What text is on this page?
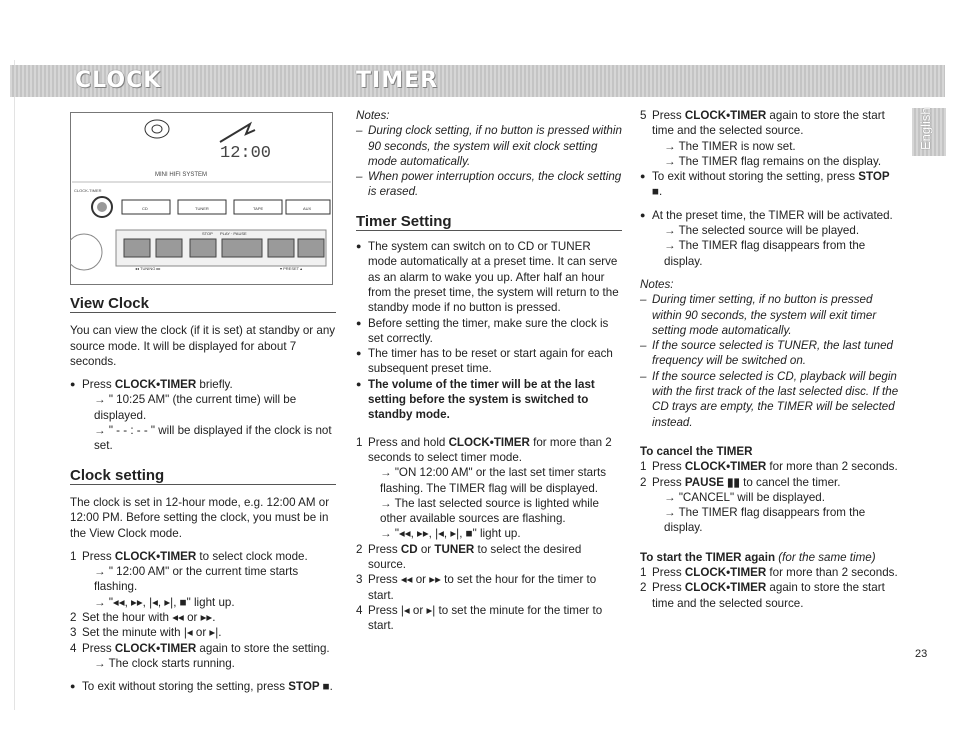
CLOCK	TIMER
English
12:00
MINI HIFI SYSTEM
CLOCK-TIMER
CD	TUNER	TAPE	AUX
STOP PLAY · PAUSE
◂◂ TUNING ▸▸	▾ PRESET ▴

View Clock

You can view the clock (if it is set) at standby or any source mode. It will be displayed for about 7 seconds.

● Press CLOCK•TIMER briefly.

→ " 10:25 AM" (the current time) will be displayed.

→ " - - : - - " will be displayed if the clock is not set.

Clock setting

The clock is set in 12-hour mode, e.g. 12:00 AM or 12:00 PM. Before setting the clock, you must be in the View Clock mode.

1 Press CLOCK•TIMER to select clock mode.

→ " 12:00 AM" or the current time starts flashing.

→ "◂◂, ▸▸, |◂, ▸|, ■" light up.

2 Set the hour with ◂◂ or ▸▸.
3 Set the minute with |◂ or ▸|.
4 Press CLOCK•TIMER again to store the setting.

→ The clock starts running.

● To exit without storing the setting, press STOP ■.

Notes:

– During clock setting, if no button is pressed within 90 seconds, the system will exit clock setting mode automatically.
– When power interruption occurs, the clock setting is erased.

Timer Setting

● The system can switch on to CD or TUNER mode automatically at a preset time. It can serve as an alarm to wake you up. After half an hour from the preset time, the system will return to the standby mode if no button is pressed.
● Before setting the timer, make sure the clock is set correctly.
● The timer has to be reset or start again for each subsequent preset time.
● The volume of the timer will be at the last setting before the system is switched to standby mode.
1 Press and hold CLOCK•TIMER for more than 2 seconds to select timer mode.

→ "ON 12:00 AM" or the last set timer starts flashing. The TIMER flag will be displayed.

→ The last selected source is lighted while other available sources are flashing.

→ "◂◂, ▸▸, |◂, ▸|, ■" light up.

2 Press CD or TUNER to select the desired source.
3 Press ◂◂ or ▸▸ to set the hour for the timer to start.
4 Press |◂ or ▸| to set the minute for the timer to start.
5 Press CLOCK•TIMER again to store the start time and the selected source.

→ The TIMER is now set.

→ The TIMER flag remains on the display.

● To exit without storing the setting, press STOP ■.
● At the preset time, the TIMER will be activated.

→ The selected source will be played.

→ The TIMER flag disappears from the display.

Notes:

– During timer setting, if no button is pressed within 90 seconds, the system will exit timer setting mode automatically.
– If the source selected is TUNER, the last tuned frequency will be switched on.
– If the source selected is CD, playback will begin with the first track of the last selected disc. If the CD trays are empty, the TIMER will be selected instead.

To cancel the TIMER

1 Press CLOCK•TIMER for more than 2 seconds.
2 Press PAUSE ▮▮ to cancel the timer.

→ "CANCEL" will be displayed.

→ The TIMER flag disappears from the display.

To start the TIMER again (for the same time)

1 Press CLOCK•TIMER for more than 2 seconds.
2 Press CLOCK•TIMER again to store the start time and the selected source.
23
